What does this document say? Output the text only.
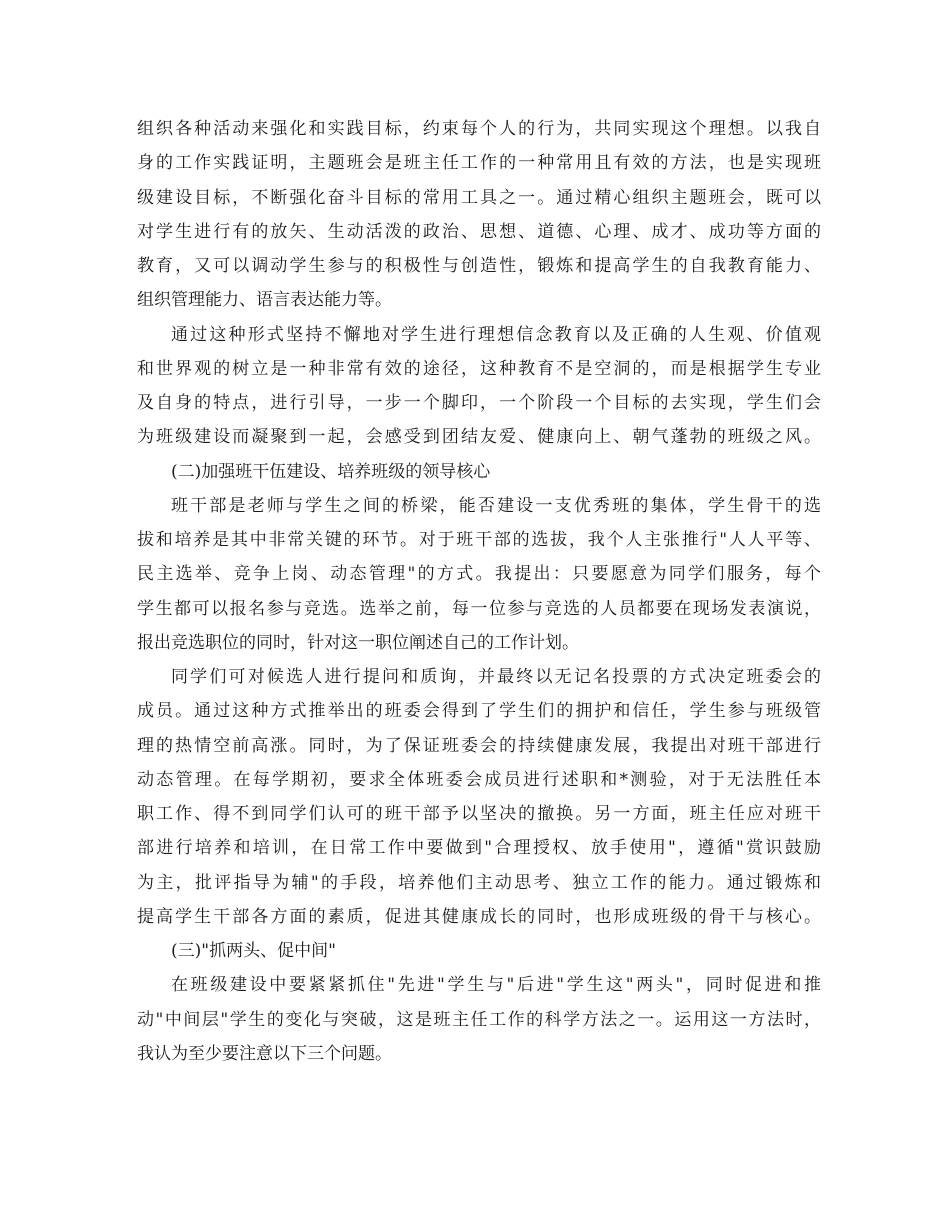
组织各种活动来强化和实践目标，约束每个人的行为，共同实现这个理想。以我自
身的工作实践证明，主题班会是班主任工作的一种常用且有效的方法，也是实现班
级建设目标，不断强化奋斗目标的常用工具之一。通过精心组织主题班会，既可以
对学生进行有的放矢、生动活泼的政治、思想、道德、心理、成才、成功等方面的
教育，又可以调动学生参与的积极性与创造性，锻炼和提高学生的自我教育能力、
组织管理能力、语言表达能力等。
通过这种形式坚持不懈地对学生进行理想信念教育以及正确的人生观、价值观
和世界观的树立是一种非常有效的途径，这种教育不是空洞的，而是根据学生专业
及自身的特点，进行引导，一步一个脚印，一个阶段一个目标的去实现，学生们会
为班级建设而凝聚到一起，会感受到团结友爱、健康向上、朝气蓬勃的班级之风。
(二)加强班干伍建设、培养班级的领导核心
班干部是老师与学生之间的桥梁，能否建设一支优秀班的集体，学生骨干的选
拔和培养是其中非常关键的环节。对于班干部的选拔，我个人主张推行"人人平等、
民主选举、竞争上岗、动态管理"的方式。我提出：只要愿意为同学们服务，每个
学生都可以报名参与竞选。选举之前，每一位参与竞选的人员都要在现场发表演说，
报出竞选职位的同时，针对这一职位阐述自己的工作计划。
同学们可对候选人进行提问和质询，并最终以无记名投票的方式决定班委会的
成员。通过这种方式推举出的班委会得到了学生们的拥护和信任，学生参与班级管
理的热情空前高涨。同时，为了保证班委会的持续健康发展，我提出对班干部进行
动态管理。在每学期初，要求全体班委会成员进行述职和*测验，对于无法胜任本
职工作、得不到同学们认可的班干部予以坚决的撤换。另一方面，班主任应对班干
部进行培养和培训，在日常工作中要做到"合理授权、放手使用"，遵循"赏识鼓励
为主，批评指导为辅"的手段，培养他们主动思考、独立工作的能力。通过锻炼和
提高学生干部各方面的素质，促进其健康成长的同时，也形成班级的骨干与核心。
(三)"抓两头、促中间"
在班级建设中要紧紧抓住"先进"学生与"后进"学生这"两头"，同时促进和推
动"中间层"学生的变化与突破，这是班主任工作的科学方法之一。运用这一方法时，
我认为至少要注意以下三个问题。
